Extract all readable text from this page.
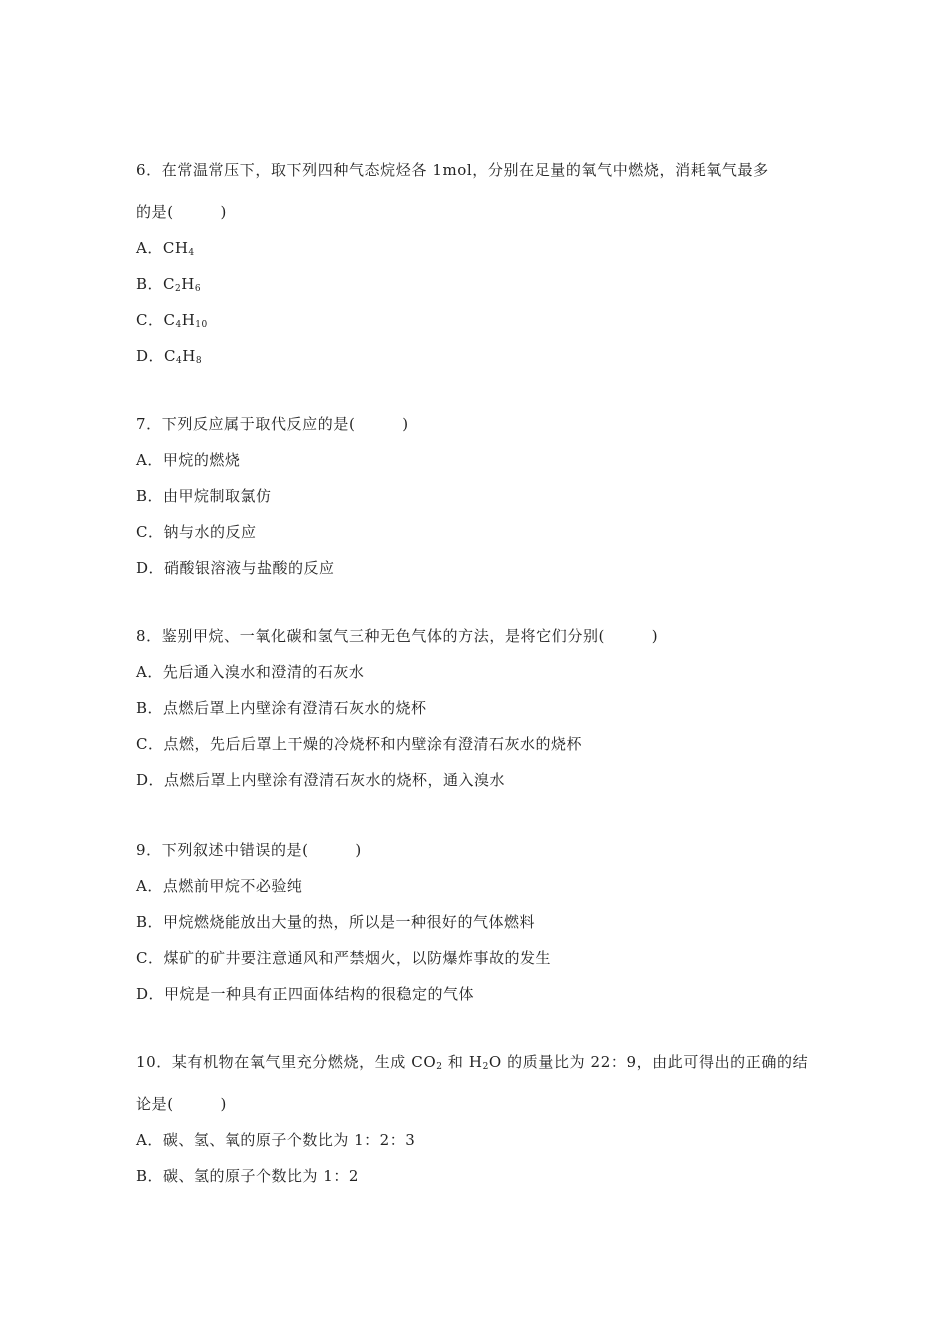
6．在常温常压下，取下列四种气态烷烃各 1mol，分别在足量的氧气中燃烧，消耗氧气最多
的是(　　　)
A．$CH_4$
B．$C_2H_6$
C．$C_4H_{10}$
D．$C_4H_8$
7．下列反应属于取代反应的是(　　　)
A．甲烷的燃烧
B．由甲烷制取氯仿
C．钠与水的反应
D．硝酸银溶液与盐酸的反应
8．鉴别甲烷、一氧化碳和氢气三种无色气体的方法，是将它们分别(　　　)
A．先后通入溴水和澄清的石灰水
B．点燃后罩上内壁涂有澄清石灰水的烧杯
C．点燃，先后后罩上干燥的冷烧杯和内壁涂有澄清石灰水的烧杯
D．点燃后罩上内壁涂有澄清石灰水的烧杯，通入溴水
9．下列叙述中错误的是(　　　)
A．点燃前甲烷不必验纯
B．甲烷燃烧能放出大量的热，所以是一种很好的气体燃料
C．煤矿的矿井要注意通风和严禁烟火，以防爆炸事故的发生
D．甲烷是一种具有正四面体结构的很稳定的气体
10．某有机物在氧气里充分燃烧，生成 $CO_2$ 和 $H_2O$ 的质量比为 22：9，由此可得出的正确的结
论是(　　　)
A．碳、氢、氧的原子个数比为 1：2：3
B．碳、氢的原子个数比为 1：2
